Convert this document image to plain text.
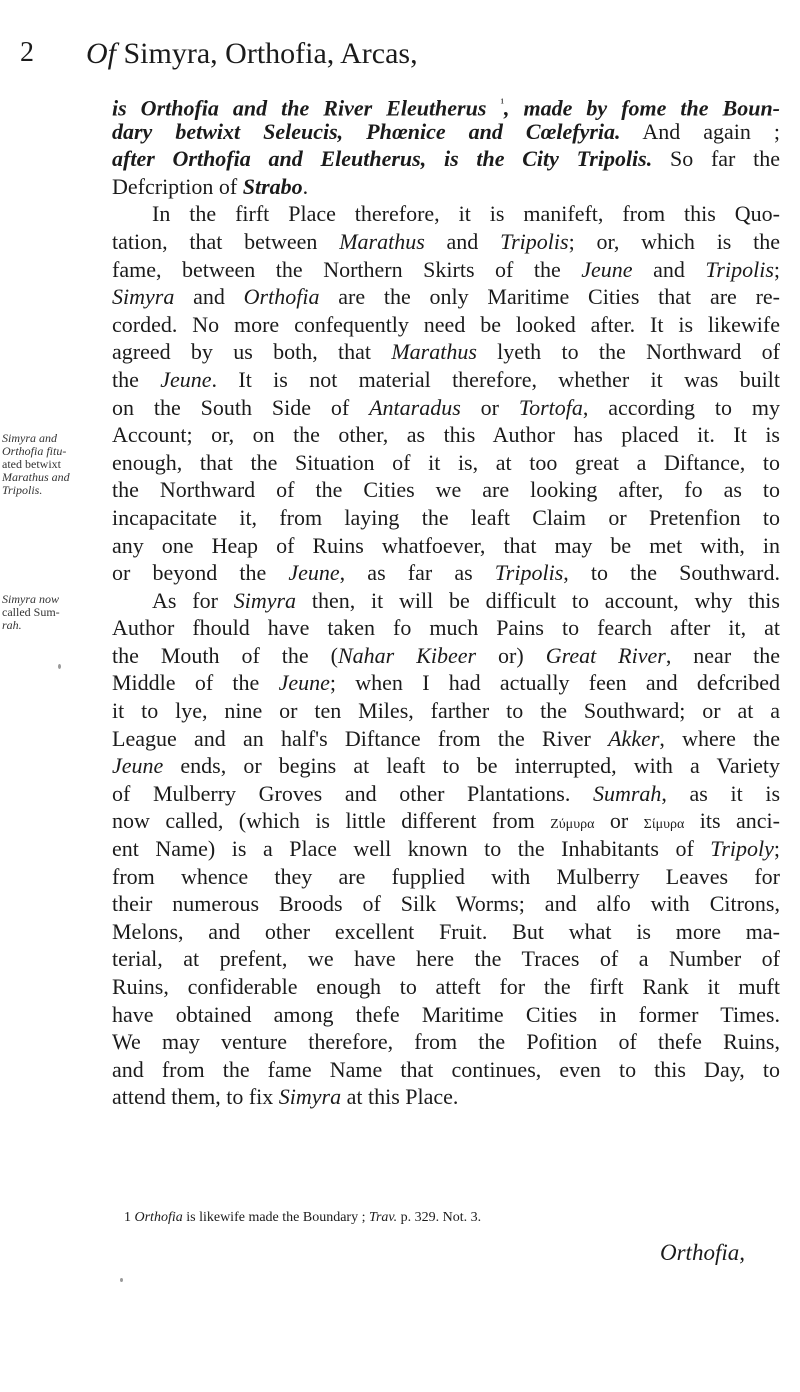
2 Of Simyra, Orthofia, Arcas,
is Orthofia and the River Eleutherus $^{^1}$, made by fome the Boun-
dary betwixt Seleucis, Phœnice and Cœlefyria. And again ;
after Orthofia and Eleutherus, is the City Tripolis. So far the
Defcription of Strabo.
In the firft Place therefore, it is manifeft, from this Quo-
tation, that between Marathus and Tripolis; or, which is the
fame, between the Northern Skirts of the Jeune and Tripolis;
Simyra and Orthofia are the only Maritime Cities that are re-
corded. No more confequently need be looked after. It is likewife
agreed by us both, that Marathus lyeth to the Northward of
the Jeune. It is not material therefore, whether it was built
on the South Side of Antaradus or Tortofa, according to my
Account; or, on the other, as this Author has placed it. It is
enough, that the Situation of it is, at too great a Diftance, to
the Northward of the Cities we are looking after, fo as to
incapacitate it, from laying the leaft Claim or Pretenfion to
any one Heap of Ruins whatfoever, that may be met with, in
or beyond the Jeune, as far as Tripolis, to the Southward.
As for Simyra then, it will be difficult to account, why this
Author fhould have taken fo much Pains to fearch after it, at
the Mouth of the (Nahar Kibeer or) Great River, near the
Middle of the Jeune; when I had actually feen and defcribed
it to lye, nine or ten Miles, farther to the Southward; or at a
League and an half's Diftance from the River Akker, where the
Jeune ends, or begins at leaft to be interrupted, with a Variety
of Mulberry Groves and other Plantations. Sumrah, as it is
now called, (which is little different from Ζύμυρα or Σίμυρα its anci-
ent Name) is a Place well known to the Inhabitants of Tripoly;
from whence they are fupplied with Mulberry Leaves for
their numerous Broods of Silk Worms; and alfo with Citrons,
Melons, and other excellent Fruit. But what is more ma-
terial, at prefent, we have here the Traces of a Number of
Ruins, confiderable enough to atteft for the firft Rank it muft
have obtained among thefe Maritime Cities in former Times.
We may venture therefore, from the Pofition of thefe Ruins,
and from the fame Name that continues, even to this Day, to
attend them, to fix Simyra at this Place.
Simyra and
Orthofia fitu-
ated betwixt
Marathus and
Tripolis.
Simyra now
called Sum-
rah.
1 Orthofia is likewife made the Boundary ; Trav. p. 329. Not. 3.
Orthofia,
